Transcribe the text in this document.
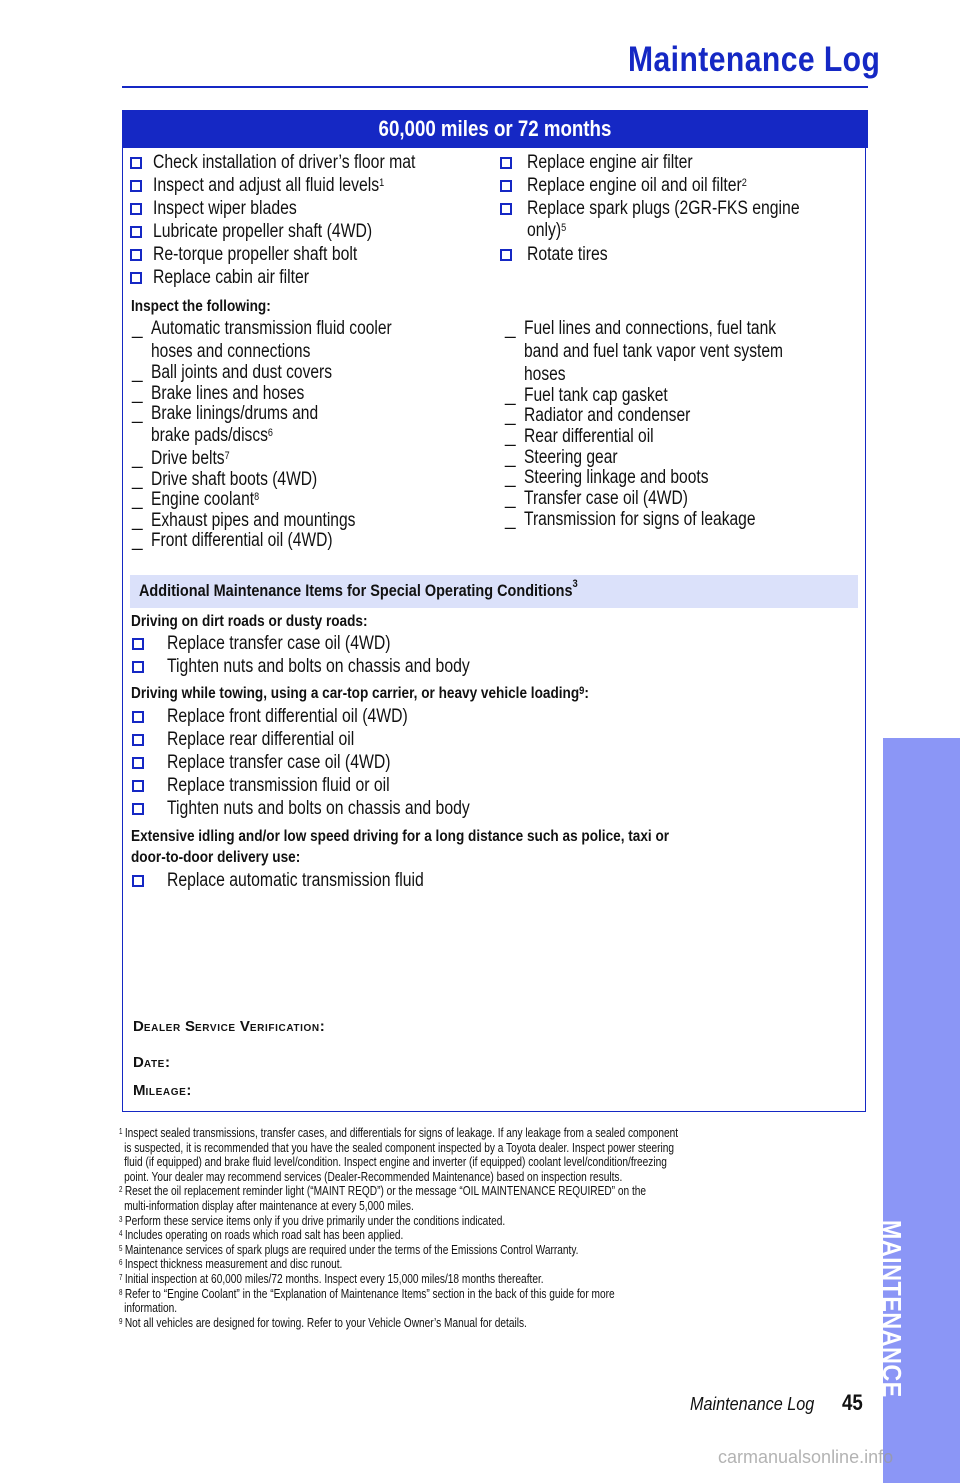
Maintenance Log
60,000 miles or 72 months
Check installation of driver’s floor mat
Inspect and adjust all fluid levels$^1$
Inspect wiper blades
Lubricate propeller shaft (4WD)
Re-torque propeller shaft bolt
Replace cabin air filter
Replace engine air filter
Replace engine oil and oil filter$^2$
Replace spark plugs (2GR-FKS engine
only)$^5$
Rotate tires
Inspect the following:
_ Automatic transmission fluid cooler
hoses and connections
_ Ball joints and dust covers
_ Brake lines and hoses
_ Brake linings/drums and
brake pads/discs$^6$
_ Drive belts$^7$
_ Drive shaft boots (4WD)
_ Engine coolant$^8$
_ Exhaust pipes and mountings
_ Front differential oil (4WD)
_ Fuel lines and connections, fuel tank
band and fuel tank vapor vent system
hoses
_ Fuel tank cap gasket
_ Radiator and condenser
_ Rear differential oil
_ Steering gear
_ Steering linkage and boots
_ Transfer case oil (4WD)
_ Transmission for signs of leakage
Driving on dirt roads or dusty roads:
Replace transfer case oil (4WD)
Tighten nuts and bolts on chassis and body
Driving while towing, using a car-top carrier, or heavy vehicle loading$^9$:
Replace front differential oil (4WD)
Replace rear differential oil
Replace transfer case oil (4WD)
Replace transmission fluid or oil
Tighten nuts and bolts on chassis and body
Extensive idling and/or low speed driving for a long distance such as police, taxi or
door-to-door delivery use:
Replace automatic transmission fluid
Additional Maintenance Items for Special Operating Conditions$^3$
DEALER SERVICE VERIFICATION:
DATE:
MILEAGE:
$^1$ Inspect sealed transmissions, transfer cases, and differentials for signs of leakage. If any leakage from a sealed component
 is suspected, it is recommended that you have the sealed component inspected by a Toyota dealer. Inspect power steering
 fluid (if equipped) and brake fluid level/condition. Inspect engine and inverter (if equipped) coolant level/condition/freezing
 point. Your dealer may recommend services (Dealer-Recommended Maintenance) based on inspection results.
$^2$ Reset the oil replacement reminder light (“MAINT REQD”) or the message “OIL MAINTENANCE REQUIRED” on the
 multi-information display after maintenance at every 5,000 miles.
$^3$ Perform these service items only if you drive primarily under the conditions indicated.
$^4$ Includes operating on roads which road salt has been applied.
$^5$ Maintenance services of spark plugs are required under the terms of the Emissions Control Warranty.
$^6$ Inspect thickness measurement and disc runout.
$^7$ Initial inspection at 60,000 miles/72 months. Inspect every 15,000 miles/18 months thereafter.
$^8$ Refer to “Engine Coolant” in the “Explanation of Maintenance Items” section in the back of this guide for more
 information.
$^9$ Not all vehicles are designed for towing. Refer to your Vehicle Owner’s Manual for details.	MAINTENANCE
Maintenance Log 45
carmanualsonline.info
